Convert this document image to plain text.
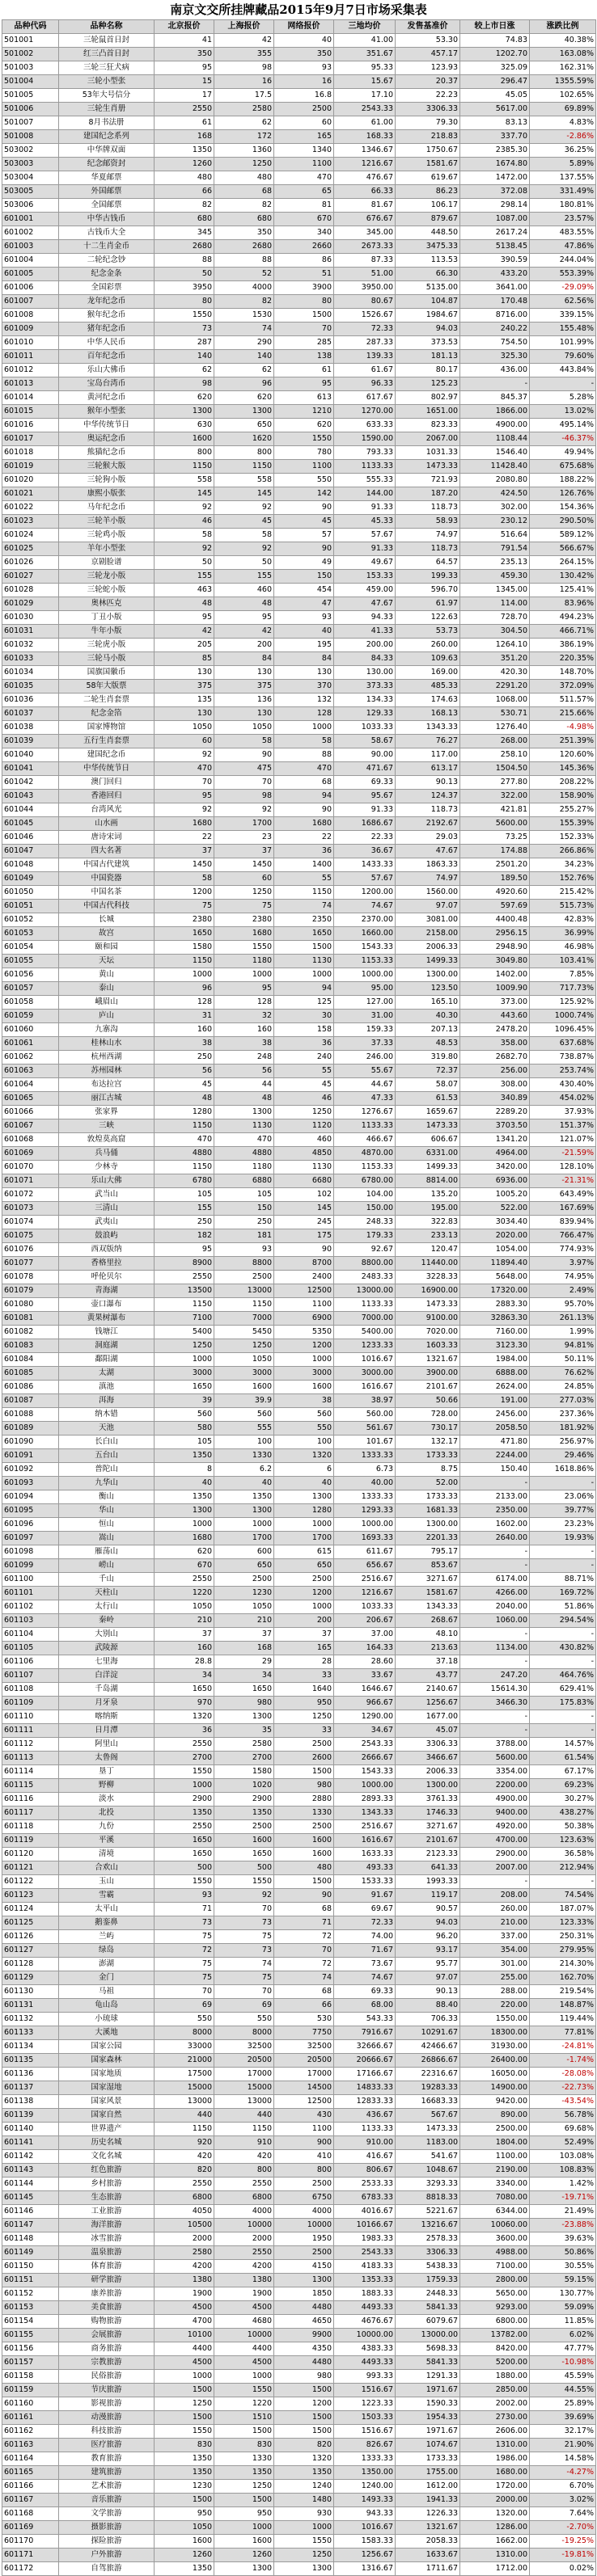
南京文交所挂牌藏品2015年9月7日市场采集表
品种代码	品种名称	北京报价	上海报价	网络报价	三地均价	发售基准价	较上市日涨	涨跌比例
501001	三轮鼠首日封	41	42	40	41.00	53.30	74.83	40.38%
501002	红三凸首日封	350	355	350	351.67	457.17	1202.70	163.08%
501003	三轮三狂犬病	95	98	93	95.33	123.93	325.09	162.31%
501004	三轮小型张	15	16	16	15.67	20.37	296.47	1355.59%
501005	53年大号信分	17	17.5	16.8	17.10	22.23	45.05	102.65%
501006	三轮生肖册	2550	2580	2500	2543.33	3306.33	5617.00	69.89%
501007	8月书法册	61	62	60	61.00	79.30	83.13	4.83%
501008	建国纪念系列	168	172	165	168.33	218.83	337.70	-2.86%
503002	中华牌双面	1350	1360	1340	1346.67	1750.67	2385.30	36.25%
503003	纪念邮资封	1260	1250	1100	1216.67	1581.67	1674.80	5.89%
503004	华夏邮票	480	480	470	476.67	619.67	1472.00	137.55%
503005	外国邮票	66	68	65	66.33	86.23	372.08	331.49%
503006	全国邮票	82	82	81	81.67	106.17	298.14	180.81%
601001	中华古钱币	680	680	670	676.67	879.67	1087.00	23.57%
601002	古钱币大全	345	350	340	345.00	448.50	2617.24	483.55%
601003	十二生肖金币	2680	2680	2660	2673.33	3475.33	5138.45	47.86%
601004	二轮纪念钞	88	88	86	87.33	113.53	390.59	244.04%
601005	纪念金条	50	52	51	51.00	66.30	433.20	553.39%
601006	全国彩票	3950	4000	3900	3950.00	5135.00	3641.00	-29.09%
601007	龙年纪念币	80	82	80	80.67	104.87	170.48	62.56%
601008	猴年纪念币	1550	1530	1500	1526.67	1984.67	8716.00	339.15%
601009	猪年纪念币	73	74	70	72.33	94.03	240.22	155.48%
601010	中华人民币	287	290	285	287.33	373.53	754.50	101.99%
601011	百年纪念币	140	140	138	139.33	181.13	325.30	79.60%
601012	乐山大佛币	62	62	61	61.67	80.17	436.00	443.84%
601013	宝岛台湾币	98	96	95	96.33	125.23	-	-
601014	黄河纪念币	620	620	613	617.67	802.97	845.37	5.28%
601015	猴年小型张	1300	1300	1210	1270.00	1651.00	1866.00	13.02%
601016	中华传统节日	630	650	620	633.33	823.33	4900.00	495.14%
601017	奥运纪念币	1600	1620	1550	1590.00	2067.00	1108.44	-46.37%
601018	熊猫纪念币	800	800	780	793.33	1031.33	1546.40	49.94%
601019	三轮猴大版	1150	1150	1100	1133.33	1473.33	11428.40	675.68%
601020	三轮狗小版	558	558	550	555.33	721.93	2080.80	188.22%
601021	康熙小版张	145	145	142	144.00	187.20	424.50	126.76%
601022	马年纪念币	92	92	90	91.33	118.73	302.00	154.36%
601023	三轮羊小版	46	45	45	45.33	58.93	230.12	290.50%
601024	三轮鸡小版	58	58	57	57.67	74.97	516.64	589.12%
601025	羊年小型张	92	92	90	91.33	118.73	791.54	566.67%
601026	京剧脸谱	50	50	49	49.67	64.57	235.13	264.15%
601027	三轮龙小版	155	155	150	153.33	199.33	459.30	130.42%
601028	三轮蛇小版	463	460	454	459.00	596.70	1345.00	125.41%
601029	奥林匹克	48	48	47	47.67	61.97	114.00	83.96%
601030	丁丑小版	95	95	93	94.33	122.63	728.70	494.23%
601031	牛年小版	42	42	40	41.33	53.73	304.50	466.71%
601032	三轮虎小版	205	200	195	200.00	260.00	1264.10	386.19%
601033	三轮马小版	85	84	84	84.33	109.63	351.20	220.35%
601034	国旗国徽币	130	130	130	130.00	169.00	420.30	148.70%
601035	58年大版票	375	375	370	373.33	485.33	2291.20	372.09%
601036	二轮生肖套票	135	136	132	134.33	174.63	1068.00	511.57%
601037	纪念金箔	130	130	128	129.33	168.13	530.71	215.66%
601038	国家博物馆	1050	1050	1000	1033.33	1343.33	1276.40	-4.98%
601039	五行生肖套票	60	58	58	58.67	76.27	268.00	251.39%
601040	建国纪念币	92	90	88	90.00	117.00	258.10	120.60%
601041	中华传统节日	470	475	470	471.67	613.17	1504.50	145.36%
601042	澳门回归	70	70	68	69.33	90.13	277.80	208.22%
601043	香港回归	95	98	94	95.67	124.37	322.00	158.90%
601044	台湾风光	92	92	90	91.33	118.73	421.81	255.27%
601045	山水画	1680	1700	1680	1686.67	2192.67	5600.00	155.39%
601046	唐诗宋词	22	23	22	22.33	29.03	73.25	152.33%
601047	四大名著	37	37	36	36.67	47.67	174.88	266.86%
601048	中国古代建筑	1450	1450	1400	1433.33	1863.33	2501.20	34.23%
601049	中国瓷器	58	60	55	57.67	74.97	189.50	152.76%
601050	中国名茶	1200	1250	1150	1200.00	1560.00	4920.60	215.42%
601051	中国古代科技	75	75	74	74.67	97.07	597.69	515.73%
601052	长城	2380	2380	2350	2370.00	3081.00	4400.48	42.83%
601053	故宫	1650	1680	1650	1660.00	2158.00	2956.15	36.99%
601054	颐和园	1580	1550	1500	1543.33	2006.33	2948.90	46.98%
601055	天坛	1150	1180	1130	1153.33	1499.33	3049.80	103.41%
601056	黄山	1000	1000	1000	1000.00	1300.00	1402.00	7.85%
601057	泰山	96	95	94	95.00	123.50	1009.90	717.73%
601058	峨眉山	128	128	125	127.00	165.10	373.00	125.92%
601059	庐山	31	32	30	31.00	40.30	443.60	1000.74%
601060	九寨沟	160	160	158	159.33	207.13	2478.20	1096.45%
601061	桂林山水	38	38	36	37.33	48.53	358.00	637.68%
601062	杭州西湖	250	248	240	246.00	319.80	2682.70	738.87%
601063	苏州园林	56	56	55	55.67	72.37	256.00	253.74%
601064	布达拉宫	45	44	45	44.67	58.07	308.00	430.40%
601065	丽江古城	48	48	46	47.33	61.53	340.89	454.02%
601066	张家界	1280	1300	1250	1276.67	1659.67	2289.20	37.93%
601067	三峡	1150	1130	1120	1133.33	1473.33	3703.50	151.37%
601068	敦煌莫高窟	470	470	460	466.67	606.67	1341.20	121.07%
601069	兵马俑	4880	4880	4850	4870.00	6331.00	4964.00	-21.59%
601070	少林寺	1150	1180	1130	1153.33	1499.33	3420.00	128.10%
601071	乐山大佛	6780	6880	6680	6780.00	8814.00	6936.00	-21.31%
601072	武当山	105	105	102	104.00	135.20	1005.20	643.49%
601073	三清山	155	150	145	150.00	195.00	522.00	167.69%
601074	武夷山	250	250	245	248.33	322.83	3034.40	839.94%
601075	鼓浪屿	182	181	175	179.33	233.13	2020.00	766.47%
601076	西双版纳	95	93	90	92.67	120.47	1054.00	774.93%
601077	香格里拉	8900	8800	8700	8800.00	11440.00	11894.40	3.97%
601078	呼伦贝尔	2550	2500	2400	2483.33	3228.33	5648.00	74.95%
601079	青海湖	13500	13000	12500	13000.00	16900.00	17320.00	2.49%
601080	壶口瀑布	1150	1150	1100	1133.33	1473.33	2883.30	95.70%
601081	黄果树瀑布	7100	7000	6900	7000.00	9100.00	32863.30	261.13%
601082	钱塘江	5400	5450	5350	5400.00	7020.00	7160.00	1.99%
601083	洞庭湖	1250	1250	1200	1233.33	1603.33	3123.30	94.81%
601084	鄱阳湖	1000	1050	1000	1016.67	1321.67	1984.00	50.11%
601085	太湖	3000	3000	3000	3000.00	3900.00	6888.00	76.62%
601086	滇池	1650	1600	1600	1616.67	2101.67	2624.00	24.85%
601087	洱海	39	39.9	38	38.97	50.66	191.00	277.03%
601088	纳木错	560	560	560	560.00	728.00	2456.00	237.36%
601089	天池	580	555	550	561.67	730.17	2058.50	181.92%
601090	长白山	105	100	100	101.67	132.17	471.80	256.97%
601091	五台山	1350	1330	1320	1333.33	1733.33	2244.00	29.46%
601092	普陀山	8	6.2	6	6.73	8.75	150.40	1618.86%
601093	九华山	40	40	40	40.00	52.00	-	-
601094	衡山	1350	1350	1300	1333.33	1733.33	2133.00	23.06%
601095	华山	1300	1300	1280	1293.33	1681.33	2350.00	39.77%
601096	恒山	1000	1000	1000	1000.00	1300.00	1602.00	23.23%
601097	嵩山	1680	1700	1700	1693.33	2201.33	2640.00	19.93%
601098	雁荡山	620	600	615	611.67	795.17	-	-
601099	崂山	670	650	650	656.67	853.67	-	-
601100	千山	2550	2500	2500	2516.67	3271.67	6174.00	88.71%
601101	天柱山	1220	1230	1200	1216.67	1581.67	4266.00	169.72%
601102	太行山	1050	1050	1000	1033.33	1343.33	2040.00	51.86%
601103	秦岭	210	210	200	206.67	268.67	1060.00	294.54%
601104	大别山	37	37	37	37.00	48.10	-	-
601105	武陵源	160	168	165	164.33	213.63	1134.00	430.82%
601106	七里海	28.8	29	28	28.60	37.18	-	-
601107	白洋淀	34	34	33	33.67	43.77	247.20	464.76%
601108	千岛湖	1650	1650	1640	1646.67	2140.67	15614.30	629.41%
601109	月牙泉	970	980	950	966.67	1256.67	3466.30	175.83%
601110	喀纳斯	1320	1300	1250	1290.00	1677.00	-	-
601111	日月潭	36	35	33	34.67	45.07	-	-
601112	阿里山	2550	2580	2500	2543.33	3306.33	3788.00	14.57%
601113	太鲁阁	2700	2700	2600	2666.67	3466.67	5600.00	61.54%
601114	垦丁	1550	1580	1500	1543.33	2006.33	3354.00	67.17%
601115	野柳	1000	1020	980	1000.00	1300.00	2200.00	69.23%
601116	淡水	2900	2900	2880	2893.33	3761.33	4900.00	30.27%
601117	北投	1350	1350	1330	1343.33	1746.33	9400.00	438.27%
601118	九份	2550	2500	2500	2516.67	3271.67	4920.00	50.38%
601119	平溪	1650	1600	1600	1616.67	2101.67	4700.00	123.63%
601120	清境	1650	1650	1600	1633.33	2123.33	2900.00	36.58%
601121	合欢山	500	500	480	493.33	641.33	2007.00	212.94%
601122	玉山	1550	1550	1500	1533.33	1993.33	-	-
601123	雪霸	93	92	90	91.67	119.17	208.00	74.54%
601124	太平山	71	70	68	69.67	90.57	260.00	187.07%
601125	鹅銮鼻	73	73	71	72.33	94.03	210.00	123.33%
601126	兰屿	75	75	72	74.00	96.20	337.00	250.31%
601127	绿岛	72	73	70	71.67	93.17	354.00	279.95%
601128	澎湖	75	74	72	73.67	95.77	301.00	214.30%
601129	金门	75	75	74	74.67	97.07	255.00	162.70%
601130	马祖	70	70	68	69.33	90.13	288.00	219.54%
601131	龟山岛	69	69	66	68.00	88.40	220.00	148.87%
601132	小琉球	550	550	530	543.33	706.33	1550.00	119.44%
601133	大溪地	8000	8000	7750	7916.67	10291.67	18300.00	77.81%
601134	国家公园	33000	32500	32500	32666.67	42466.67	31930.00	-24.81%
601135	国家森林	21000	20500	20500	20666.67	26866.67	26400.00	-1.74%
601136	国家地质	17500	17000	17000	17166.67	22316.67	16050.00	-28.08%
601137	国家湿地	15000	15000	14500	14833.33	19283.33	14900.00	-22.73%
601138	国家风景	13000	13000	12500	12833.33	16683.33	9420.00	-43.54%
601139	国家自然	440	440	430	436.67	567.67	890.00	56.78%
601140	世界遗产	1150	1150	1100	1133.33	1473.33	2500.00	69.68%
601141	历史名城	920	910	900	910.00	1183.00	1804.00	52.49%
601142	文化名城	420	420	410	416.67	541.67	1100.00	103.08%
601143	红色旅游	820	800	800	806.67	1048.67	2190.00	108.83%
601144	乡村旅游	2550	2550	2500	2533.33	3293.33	3340.00	1.42%
601145	生态旅游	6800	6800	6750	6783.33	8818.33	7080.00	-19.71%
601146	工业旅游	4050	4000	4000	4016.67	5221.67	6344.00	21.49%
601147	海洋旅游	10500	10000	10000	10166.67	13216.67	10060.00	-23.88%
601148	冰雪旅游	2000	2000	1950	1983.33	2578.33	3600.00	39.63%
601149	温泉旅游	2580	2550	2500	2543.33	3306.33	4988.00	50.86%
601150	体育旅游	4200	4200	4150	4183.33	5438.33	7100.00	30.55%
601151	研学旅游	1380	1380	1300	1353.33	1759.33	2800.00	59.15%
601152	康养旅游	1900	1900	1850	1883.33	2448.33	5650.00	130.77%
601153	美食旅游	4500	4500	4480	4493.33	5841.33	9293.00	59.09%
601154	购物旅游	4700	4680	4650	4676.67	6079.67	6800.00	11.85%
601155	会展旅游	10100	10000	9900	10000.00	13000.00	13782.00	6.02%
601156	商务旅游	4400	4400	4350	4383.33	5698.33	8420.00	47.77%
601157	宗教旅游	4500	4500	4480	4493.33	5841.33	5200.00	-10.98%
601158	民俗旅游	1000	1000	980	993.33	1291.33	1880.00	45.59%
601159	节庆旅游	1500	1550	1500	1516.67	1971.67	2850.00	44.55%
601160	影视旅游	1250	1220	1200	1223.33	1590.33	2002.00	25.89%
601161	动漫旅游	1500	1510	1500	1503.33	1954.33	2730.00	39.69%
601162	科技旅游	1550	1500	1500	1516.67	1971.67	2606.00	32.17%
601163	医疗旅游	830	830	820	826.67	1074.67	1310.00	21.90%
601164	教育旅游	1350	1330	1320	1333.33	1733.33	1986.00	14.58%
601165	建筑旅游	1350	1350	1350	1350.00	1755.00	1680.00	-4.27%
601166	艺术旅游	1230	1250	1240	1240.00	1612.00	1720.00	6.70%
601167	音乐旅游	1500	1500	1480	1493.33	1941.33	2000.00	3.02%
601168	文学旅游	950	950	930	943.33	1226.33	1320.00	7.64%
601169	摄影旅游	1050	1000	1000	1016.67	1321.67	1286.00	-2.70%
601170	探险旅游	1600	1600	1550	1583.33	2058.33	1662.00	-19.25%
601171	户外旅游	1260	1260	1250	1256.67	1633.67	1310.00	-19.81%
601172	自驾旅游	1350	1300	1300	1316.67	1711.67	1712.00	0.02%
